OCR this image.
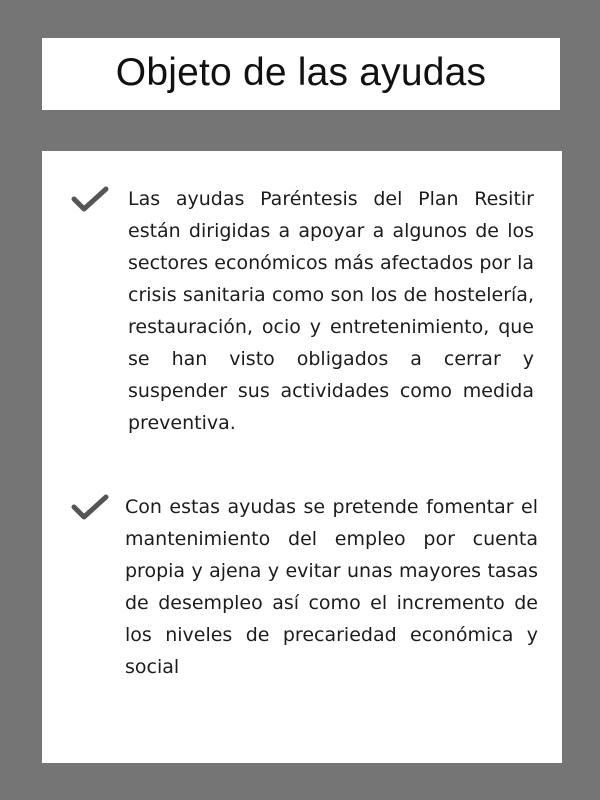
Objeto de las ayudas

Las ayudas Paréntesis del Plan Resitir están dirigidas a apoyar a algunos de los sectores económicos más afectados por la crisis sanitaria como son los de hostelería, restauración, ocio y entretenimiento, que se han visto obligados a cerrar y suspender sus actividades como medida preventiva.

Con estas ayudas se pretende fomentar el mantenimiento del empleo por cuenta propia y ajena y evitar unas mayores tasas de desempleo así como el incremento de los niveles de precariedad económica y social
